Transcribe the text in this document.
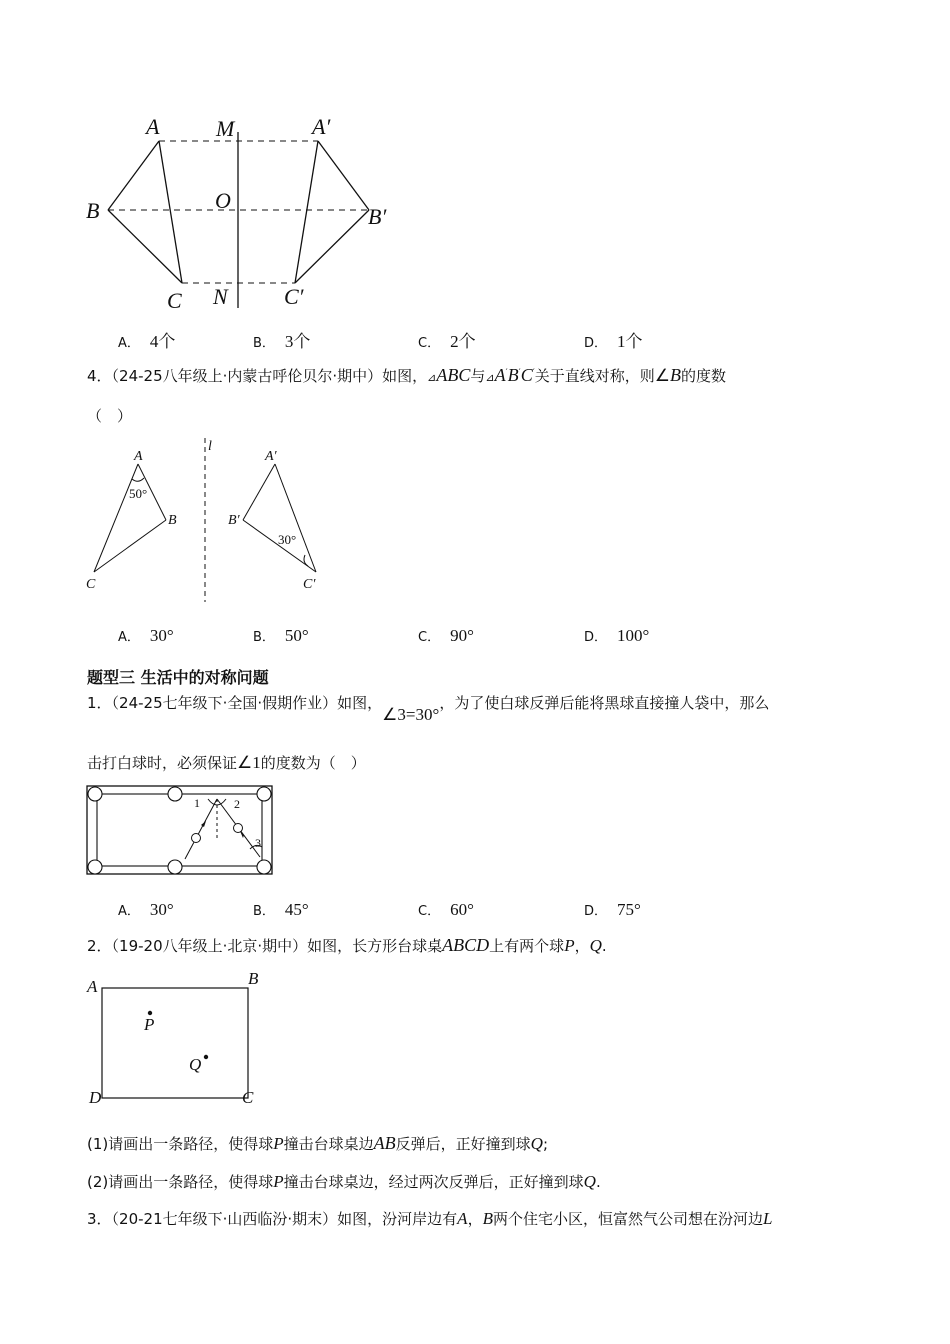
A	M	A′
B	O
B′
C N	C′
A． 4个	B． 3个	C． 2个	D． 1个
4．（24-25八年级上·内蒙古呼伦贝尔·期中）如图，⊿ABC与⊿A′B′C′关于直线对称，则∠B的度数
（　）
l
A	A′
B	B′
C	C′
50°
30°
A． 30°	B． 50°	C． 90°	D． 100°
题型三 生活中的对称问题
1．（24-25七年级下·全国·假期作业）如图，∠3=30°，为了使白球反弹后能将黑球直接撞人袋中，那么
击打白球时，必须保证∠1的度数为（　）
1	2
3
A． 30°	B． 45°	C． 60°	D． 75°
2．（19-20八年级上·北京·期中）如图，长方形台球桌ABCD上有两个球P，Q.
A	B
C
D
P
Q
(1)请画出一条路径，使得球P撞击台球桌边AB反弹后，正好撞到球Q;
(2)请画出一条路径，使得球P撞击台球桌边，经过两次反弹后，正好撞到球Q.
3．（20-21七年级下·山西临汾·期末）如图，汾河岸边有A，B两个住宅小区，恒富然气公司想在汾河边L
